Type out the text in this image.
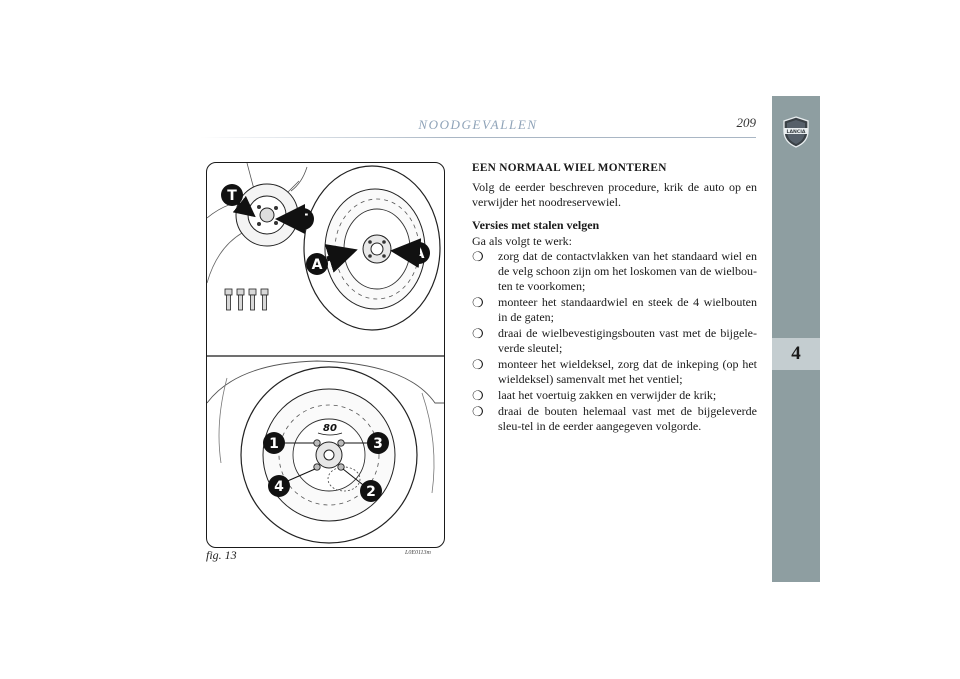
NOODGEVALLEN	209
LANCIA
4
T
T
A
A
80
1	3
4	2
fig. 13	L0E0113m
EEN NORMAAL WIEL MONTEREN

Volg de eerder beschreven procedure, krik de auto op en verwijder het noodreservewiel.

Versies met stalen velgen

Ga als volgt te werk:

❍ zorg dat de contactvlakken van het standaard wiel en de velg schoon zijn om het loskomen van de wielbou-ten te voorkomen;
❍ monteer het standaardwiel en steek de 4 wielbouten in de gaten;
❍ draai de wielbevestigingsbouten vast met de bijgele-verde sleutel;
❍ monteer het wieldeksel, zorg dat de inkeping (op het wieldeksel) samenvalt met het ventiel;
❍ laat het voertuig zakken en verwijder de krik;
❍ draai de bouten helemaal vast met de bijgeleverde sleu-tel in de eerder aangegeven volgorde.
